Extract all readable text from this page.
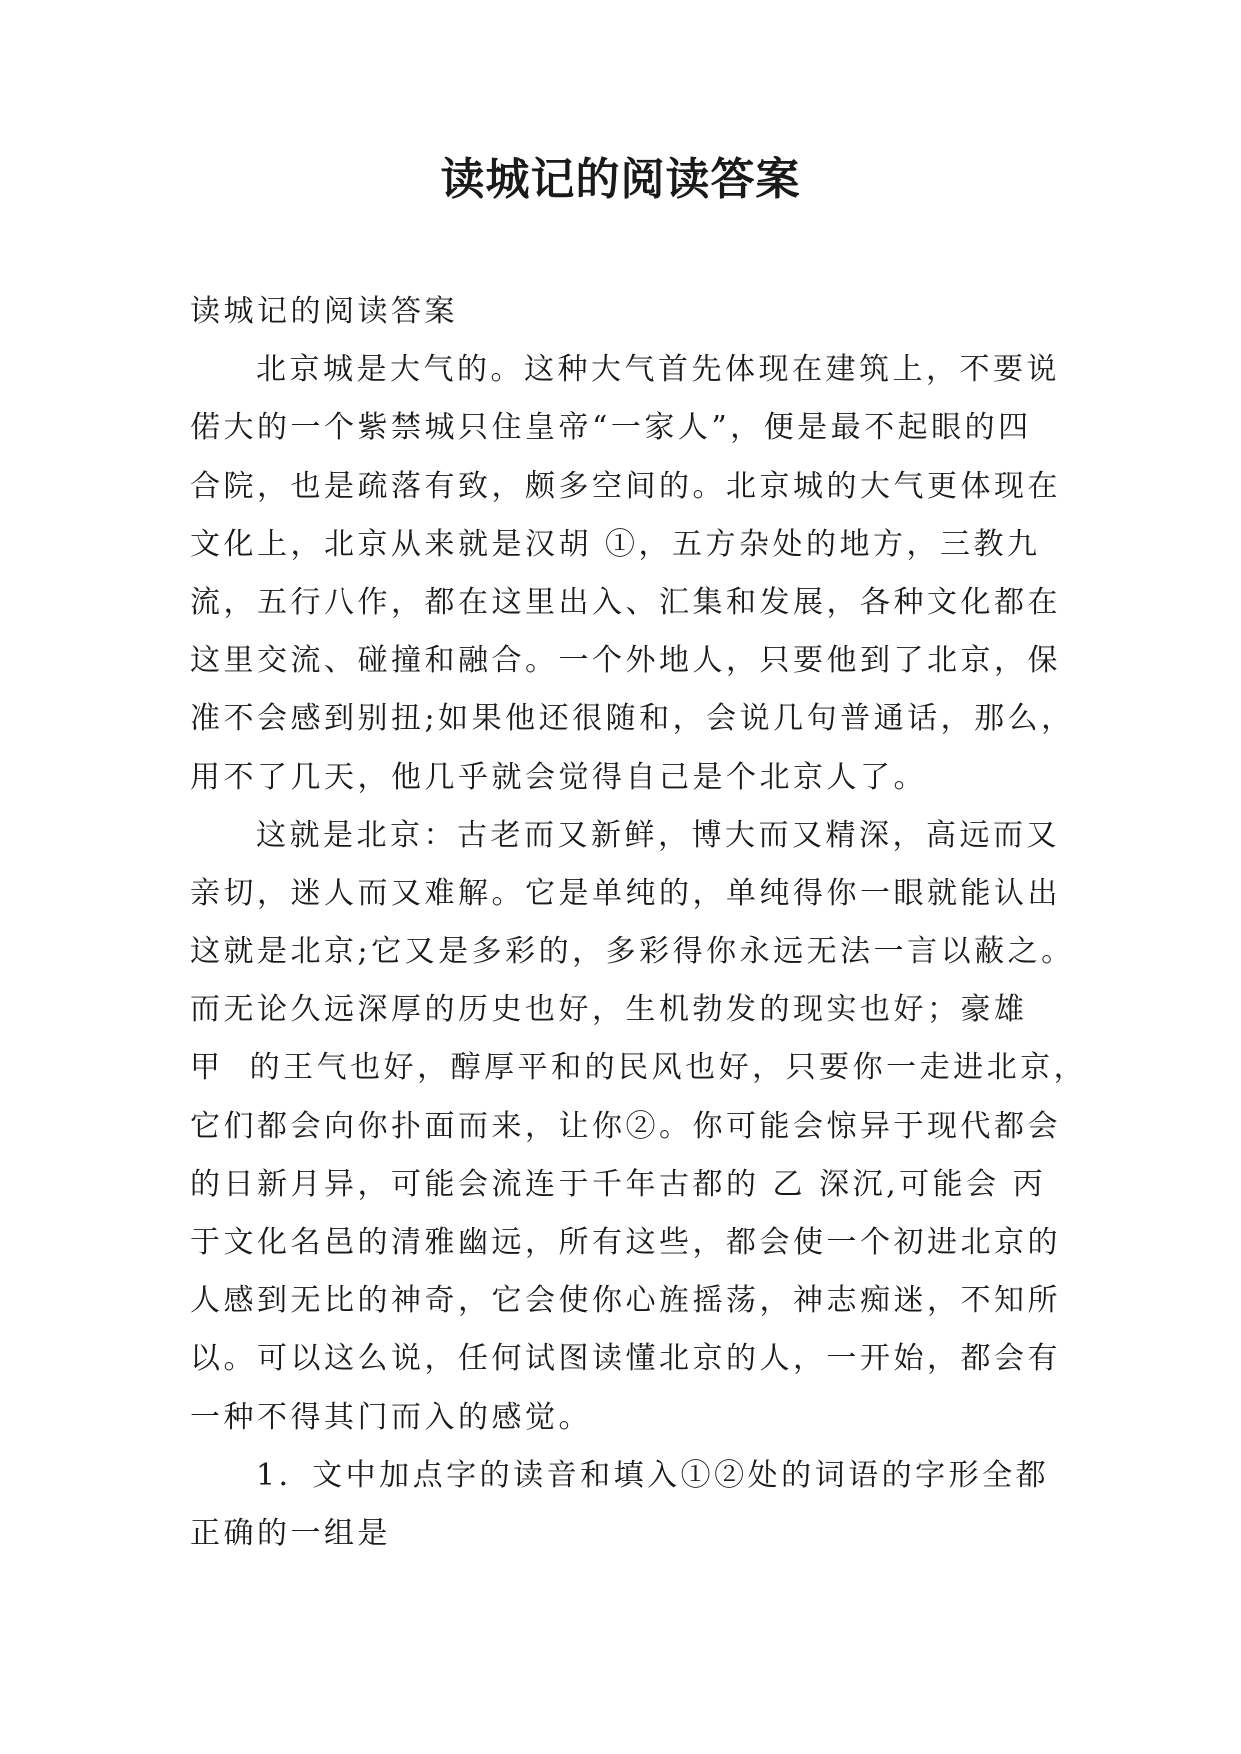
读城记的阅读答案
读城记的阅读答案
北京城是大气的。这种大气首先体现在建筑上，不要说
偌大的一个紫禁城只住皇帝“一家人”，便是最不起眼的四
合院，也是疏落有致，颇多空间的。北京城的大气更体现在
文化上，北京从来就是汉胡 ①，五方杂处的地方，三教九
流，五行八作，都在这里出入、汇集和发展，各种文化都在
这里交流、碰撞和融合。一个外地人，只要他到了北京，保
准不会感到别扭;如果他还很随和，会说几句普通话，那么，
用不了几天，他几乎就会觉得自己是个北京人了。
这就是北京：古老而又新鲜，博大而又精深，高远而又
亲切，迷人而又难解。它是单纯的，单纯得你一眼就能认出
这就是北京;它又是多彩的，多彩得你永远无法一言以蔽之。
而无论久远深厚的历史也好，生机勃发的现实也好；豪雄
甲  的王气也好，醇厚平和的民风也好，只要你一走进北京，
它们都会向你扑面而来，让你②。你可能会惊异于现代都会
的日新月异，可能会流连于千年古都的 乙 深沉,可能会 丙
于文化名邑的清雅幽远，所有这些，都会使一个初进北京的
人感到无比的神奇，它会使你心旌摇荡，神志痴迷，不知所
以。可以这么说，任何试图读懂北京的人，一开始，都会有
一种不得其门而入的感觉。
1．文中加点字的读音和填入①②处的词语的字形全都
正确的一组是
